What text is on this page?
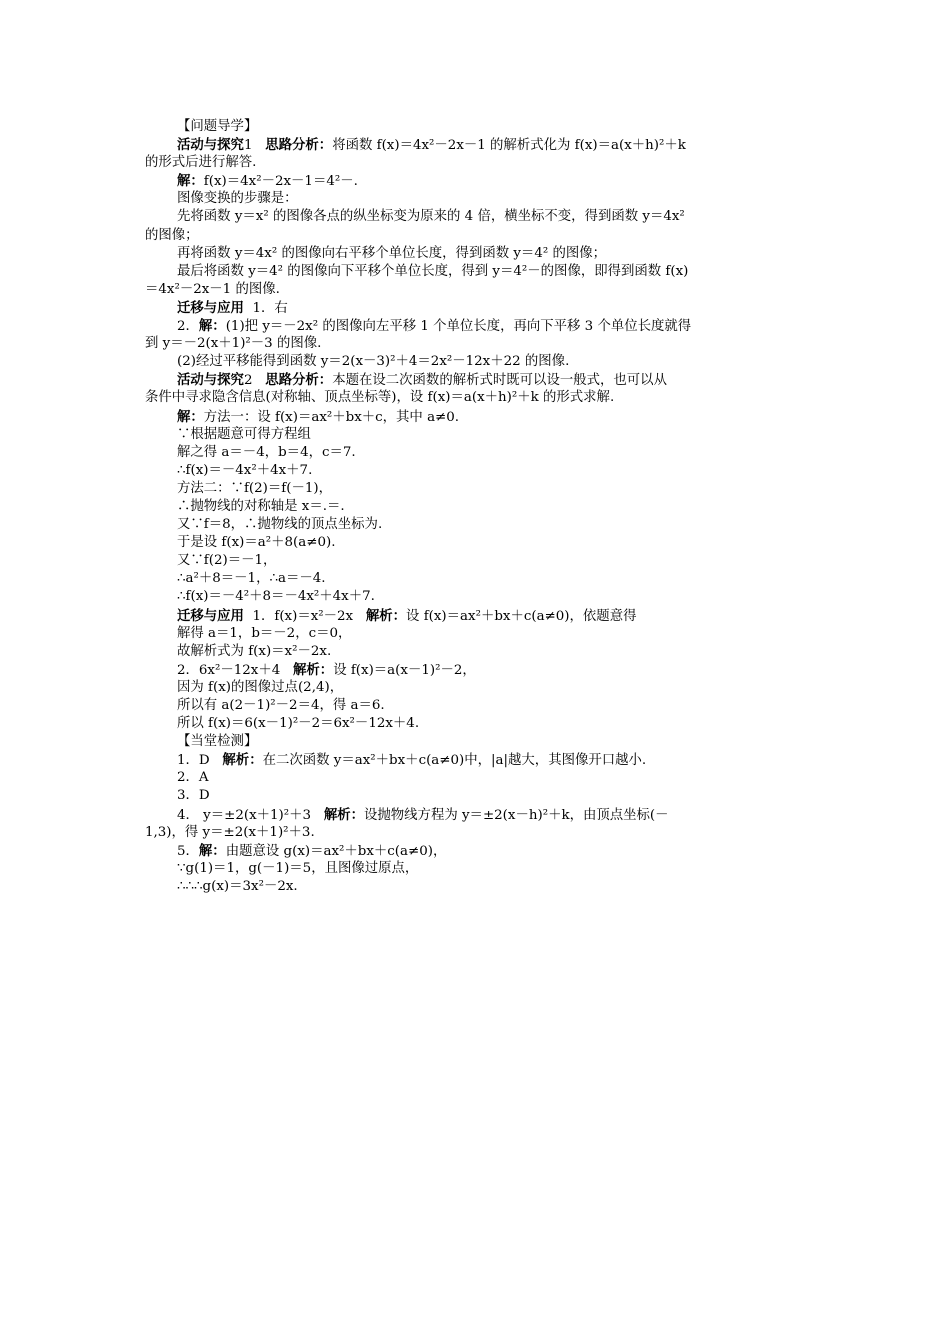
【问题导学】
活动与探究1   思路分析：将函数 f(x)＝4x²－2x－1 的解析式化为 f(x)＝a(x＋h)²＋k
的形式后进行解答.
解：f(x)＝4x²－2x－1＝4²－.
图像变换的步骤是：
先将函数 y＝x² 的图像各点的纵坐标变为原来的 4 倍，横坐标不变，得到函数 y＝4x²
的图像；
再将函数 y＝4x² 的图像向右平移个单位长度，得到函数 y＝4² 的图像；
最后将函数 y＝4² 的图像向下平移个单位长度，得到 y＝4²－的图像，即得到函数 f(x)
＝4x²－2x－1 的图像.
迁移与应用  1．右
2．解：(1)把 y＝－2x² 的图像向左平移 1 个单位长度，再向下平移 3 个单位长度就得
到 y＝－2(x＋1)²－3 的图像.
(2)经过平移能得到函数 y＝2(x－3)²＋4＝2x²－12x＋22 的图像.
活动与探究2   思路分析：本题在设二次函数的解析式时既可以设一般式，也可以从
条件中寻求隐含信息(对称轴、顶点坐标等)，设 f(x)＝a(x＋h)²＋k 的形式求解.
解：方法一：设 f(x)＝ax²＋bx＋c，其中 a≠0.
∵根据题意可得方程组
解之得 a＝－4，b＝4，c＝7.
∴f(x)＝－4x²＋4x＋7.
方法二：∵f(2)＝f(－1)，
∴抛物线的对称轴是 x＝.＝.
又∵f＝8，∴抛物线的顶点坐标为.
于是设 f(x)＝a²＋8(a≠0).
又∵f(2)＝－1，
∴a²＋8＝－1，∴a＝－4.
∴f(x)＝－4²＋8＝－4x²＋4x＋7.
迁移与应用  1．f(x)＝x²－2x   解析：设 f(x)＝ax²＋bx＋c(a≠0)，依题意得
解得 a＝1，b＝－2，c＝0，
故解析式为 f(x)＝x²－2x.
2．6x²－12x＋4   解析：设 f(x)＝a(x－1)²－2，
因为 f(x)的图像过点(2,4)，
所以有 a(2－1)²－2＝4，得 a＝6.
所以 f(x)＝6(x－1)²－2＝6x²－12x＋4.
【当堂检测】
1．D   解析：在二次函数 y＝ax²＋bx＋c(a≠0)中，|a|越大，其图像开口越小.
2．A
3．D
4． y＝±2(x＋1)²＋3   解析：设抛物线方程为 y＝±2(x－h)²＋k，由顶点坐标(－
1,3)，得 y＝±2(x＋1)²＋3.
5．解：由题意设 g(x)＝ax²＋bx＋c(a≠0)，
∵g(1)＝1，g(－1)＝5，且图像过原点，
∴∴∴g(x)＝3x²－2x.
